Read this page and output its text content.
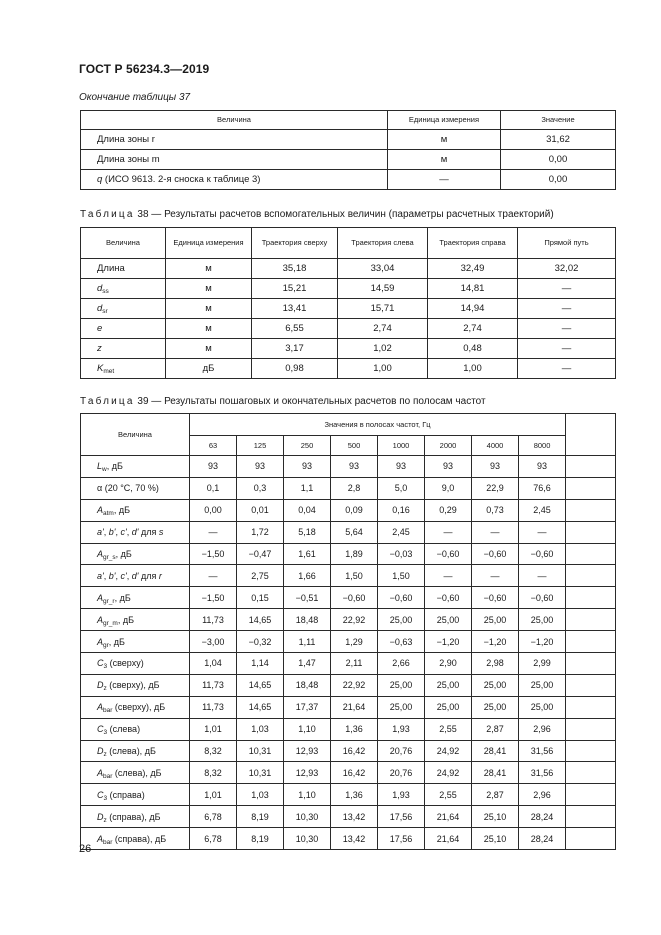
ГОСТ Р 56234.3—2019
Окончание таблицы 37
Величина	Единица измерения	Значение
Длина зоны r	м	31,62
Длина зоны m	м	0,00
q (ИСО 9613. 2-я сноска к таблице 3)	—	0,00
Таблица 38 — Результаты расчетов вспомогательных величин (параметры расчетных траекторий)
Величина	Единица измерения	Траектория сверху	Траектория слева	Траектория справа	Прямой путь
Длина	м	35,18	33,04	32,49	32,02
$d_{ss}$	м	15,21	14,59	14,81	—
$d_{sr}$	м	13,41	15,71	14,94	—
e	м	6,55	2,74	2,74	—
z	м	3,17	1,02	0,48	—
$K_{met}$	дБ	0,98	1,00	1,00	—
Таблица 39 — Результаты пошаговых и окончательных расчетов по полосам частот
Величина	Значения в полосах частот, Гц								
	63	125	250	500	1000	2000	4000	8000	
$L_w$, дБ	93	93	93	93	93	93	93	93	
α (20 °С, 70 %)	0,1	0,3	1,1	2,8	5,0	9,0	22,9	76,6	
$A_{atm}$, дБ	0,00	0,01	0,04	0,09	0,16	0,29	0,73	2,45	
a', b', c', d' для s	—	1,72	5,18	5,64	2,45	—	—	—	
$A_{gr\_s}$, дБ	−1,50	−0,47	1,61	1,89	−0,03	−0,60	−0,60	−0,60	
a', b', c', d' для r	—	2,75	1,66	1,50	1,50	—	—	—	
$A_{gr\_r}$, дБ	−1,50	0,15	−0,51	−0,60	−0,60	−0,60	−0,60	−0,60	
$A_{gr\_m}$, дБ	11,73	14,65	18,48	22,92	25,00	25,00	25,00	25,00	
$A_{gr}$, дБ	−3,00	−0,32	1,11	1,29	−0,63	−1,20	−1,20	−1,20	
$C_3$ (сверху)	1,04	1,14	1,47	2,11	2,66	2,90	2,98	2,99	
$D_z$ (сверху), дБ	11,73	14,65	18,48	22,92	25,00	25,00	25,00	25,00	
$A_{bar}$ (сверху), дБ	11,73	14,65	17,37	21,64	25,00	25,00	25,00	25,00	
$C_3$ (слева)	1,01	1,03	1,10	1,36	1,93	2,55	2,87	2,96	
$D_z$ (слева), дБ	8,32	10,31	12,93	16,42	20,76	24,92	28,41	31,56	
$A_{bar}$ (слева), дБ	8,32	10,31	12,93	16,42	20,76	24,92	28,41	31,56	
$C_3$ (справа)	1,01	1,03	1,10	1,36	1,93	2,55	2,87	2,96	
$D_z$ (справа), дБ	6,78	8,19	10,30	13,42	17,56	21,64	25,10	28,24	
$A_{bar}$ (справа), дБ	6,78	8,19	10,30	13,42	17,56	21,64	25,10	28,24	
26
